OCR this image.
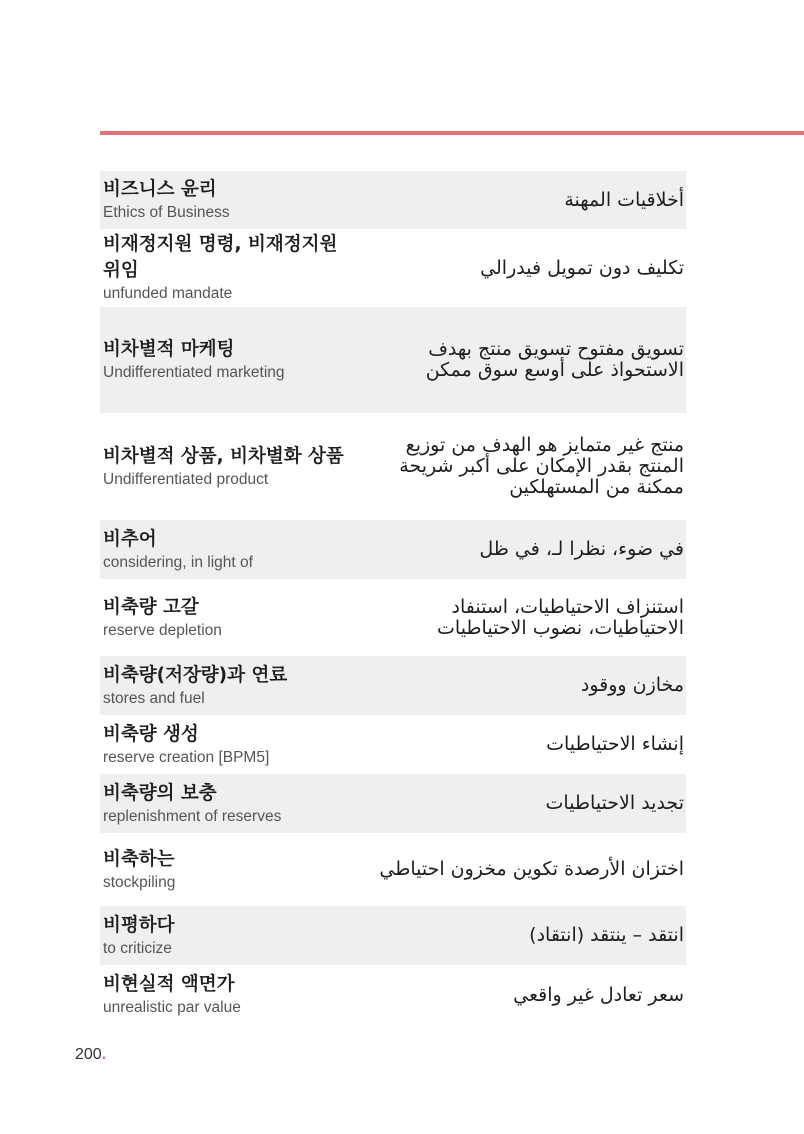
비즈니스 윤리
Ethics of Business
أخلاقيات المهنة
비재정지원 명령, 비재정지원 위임
unfunded mandate
تكليف دون تمويل فيدرالي
비차별적 마케팅
Undifferentiated marketing
تسويق مفتوح تسويق منتج بهدف الاستحواذ على أوسع سوق ممكن
비차별적 상품, 비차별화 상품
Undifferentiated product
منتج غير متمايز هو الهدف من توزيع المنتج بقدر الإمكان على أكبر شريحة ممكنة من المستهلكين
비추어
considering, in light of
في ضوء، نظرا لـ، في ظل
비축량 고갈
reserve depletion
استنزاف الاحتياطيات، استنفاد الاحتياطيات، نضوب الاحتياطيات
비축량(저장량)과 연료
stores and fuel
مخازن ووقود
비축량 생성
reserve creation [BPM5]
إنشاء الاحتياطيات
비축량의 보충
replenishment of reserves
تجديد الاحتياطيات
비축하는
stockpiling
اختزان الأرصدة تكوين مخزون احتياطي
비평하다
to criticize
انتقد – ينتقد (انتقاد)
비현실적 액면가
unrealistic par value
سعر تعادل غير واقعي
200.
